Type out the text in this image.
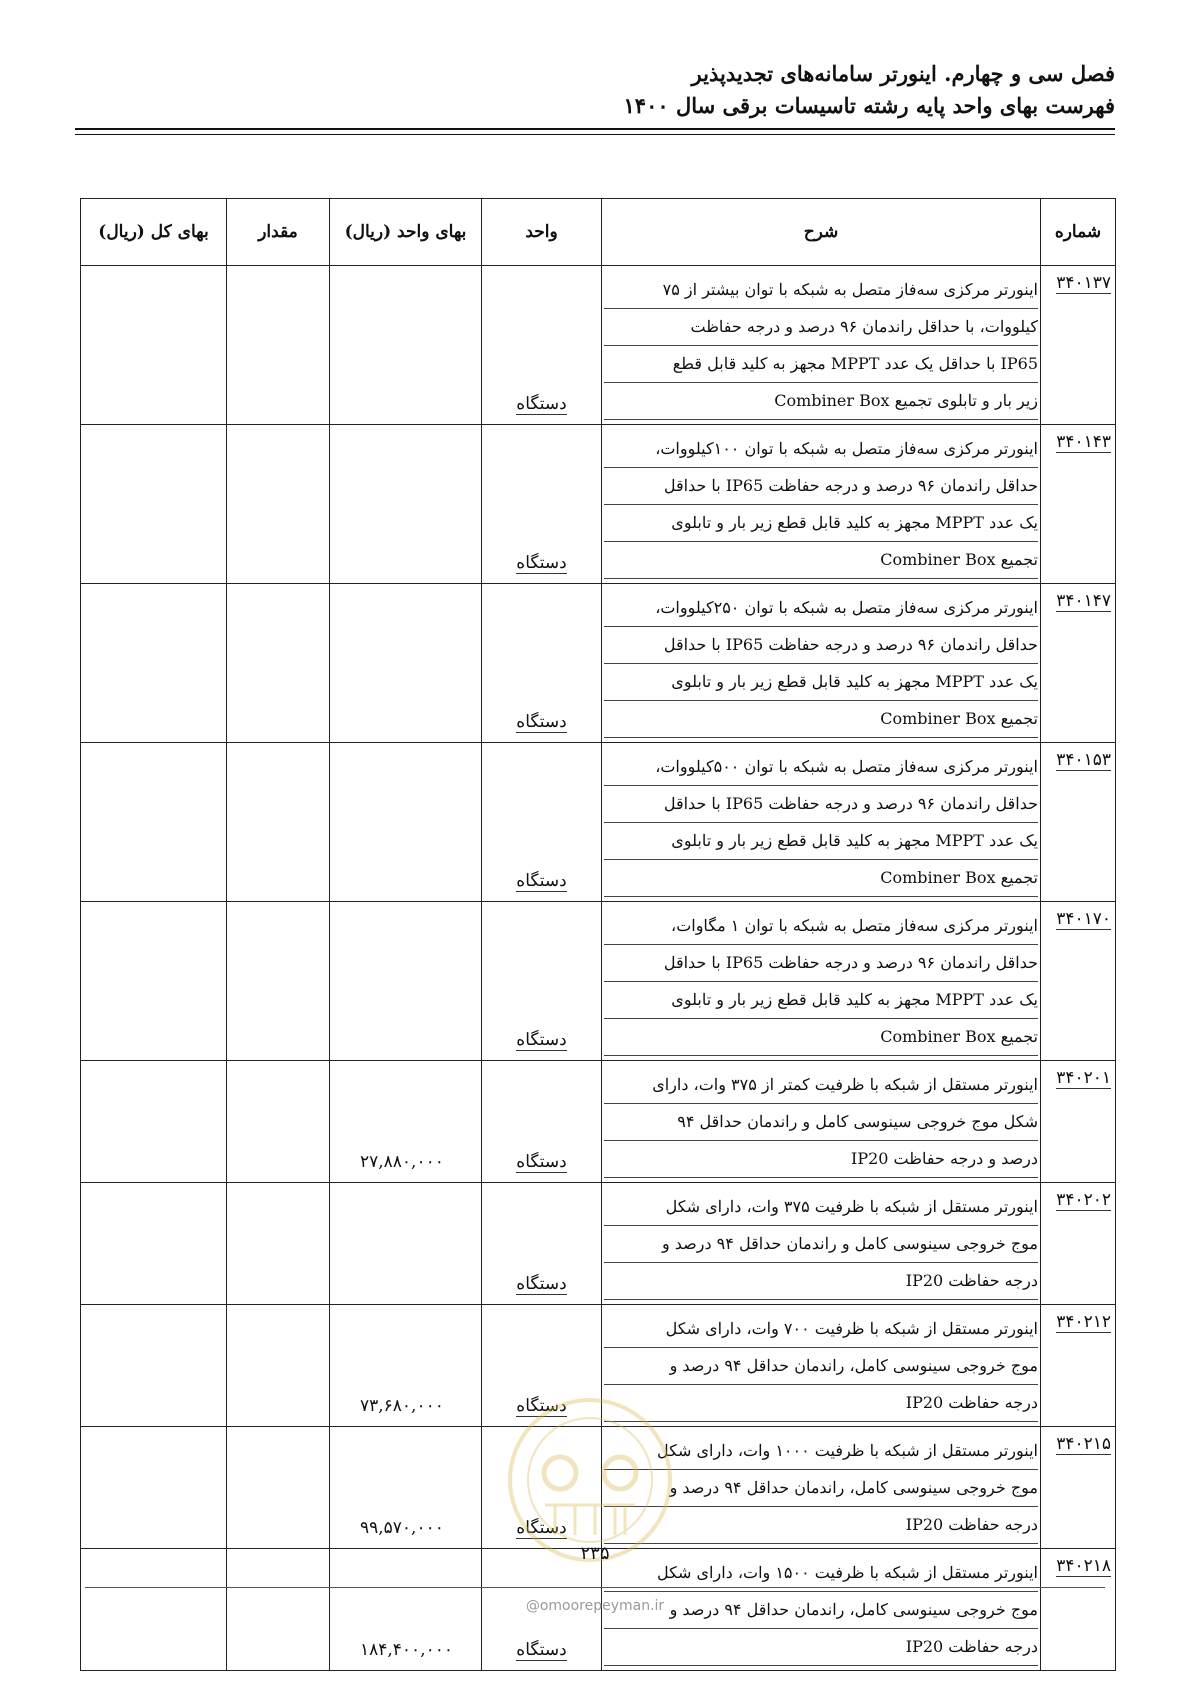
فصل سی و چهارم. اینورتر سامانه‌های تجدیدپذیر
فهرست بهای واحد پایه رشته تاسیسات برقی سال ۱۴۰۰
شماره	شرح	واحد	بهای واحد (ریال)	مقدار	بهای کل (ریال)
۳۴۰۱۳۷	اینورتر مرکزی سه‌فاز متصل به شبکه با توان بیشتر از ۷۵
کیلووات، با حداقل راندمان ۹۶ درصد و درجه حفاظت
IP65 با حداقل یک عدد MPPT مجهز به کلید قابل قطع
زیر بار و تابلوی تجمیع Combiner Box	دستگاه			
۳۴۰۱۴۳	اینورتر مرکزی سه‌فاز متصل به شبکه با توان ۱۰۰کیلووات،
حداقل راندمان ۹۶ درصد و درجه حفاظت IP65 با حداقل
یک عدد MPPT مجهز به کلید قابل قطع زیر بار و تابلوی
تجمیع Combiner Box	دستگاه			
۳۴۰۱۴۷	اینورتر مرکزی سه‌فاز متصل به شبکه با توان ۲۵۰کیلووات،
حداقل راندمان ۹۶ درصد و درجه حفاظت IP65 با حداقل
یک عدد MPPT مجهز به کلید قابل قطع زیر بار و تابلوی
تجمیع Combiner Box	دستگاه			
۳۴۰۱۵۳	اینورتر مرکزی سه‌فاز متصل به شبکه با توان ۵۰۰کیلووات،
حداقل راندمان ۹۶ درصد و درجه حفاظت IP65 با حداقل
یک عدد MPPT مجهز به کلید قابل قطع زیر بار و تابلوی
تجمیع Combiner Box	دستگاه			
۳۴۰۱۷۰	اینورتر مرکزی سه‌فاز متصل به شبکه با توان ۱ مگاوات،
حداقل راندمان ۹۶ درصد و درجه حفاظت IP65 با حداقل
یک عدد MPPT مجهز به کلید قابل قطع زیر بار و تابلوی
تجمیع Combiner Box	دستگاه			
۳۴۰۲۰۱	اینورتر مستقل از شبکه با ظرفیت کمتر از ۳۷۵ وات، دارای
شکل موج خروجی سینوسی کامل و راندمان حداقل ۹۴
درصد و درجه حفاظت IP20	دستگاه	۲۷,۸۸۰,۰۰۰		
۳۴۰۲۰۲	اینورتر مستقل از شبکه با ظرفیت ۳۷۵ وات، دارای شکل
موج خروجی سینوسی کامل و راندمان حداقل ۹۴ درصد و
درجه حفاظت IP20	دستگاه			
۳۴۰۲۱۲	اینورتر مستقل از شبکه با ظرفیت ۷۰۰ وات، دارای شکل
موج خروجی سینوسی کامل، راندمان حداقل ۹۴ درصد و
درجه حفاظت IP20	دستگاه	۷۳,۶۸۰,۰۰۰		
۳۴۰۲۱۵	اینورتر مستقل از شبکه با ظرفیت ۱۰۰۰ وات، دارای شکل
موج خروجی سینوسی کامل، راندمان حداقل ۹۴ درصد و
درجه حفاظت IP20	دستگاه	۹۹,۵۷۰,۰۰۰		
۳۴۰۲۱۸	اینورتر مستقل از شبکه با ظرفیت ۱۵۰۰ وات، دارای شکل
موج خروجی سینوسی کامل، راندمان حداقل ۹۴ درصد و
درجه حفاظت IP20	دستگاه	۱۸۴,۴۰۰,۰۰۰		
۲۳۵
@omoorepeyman.ir
